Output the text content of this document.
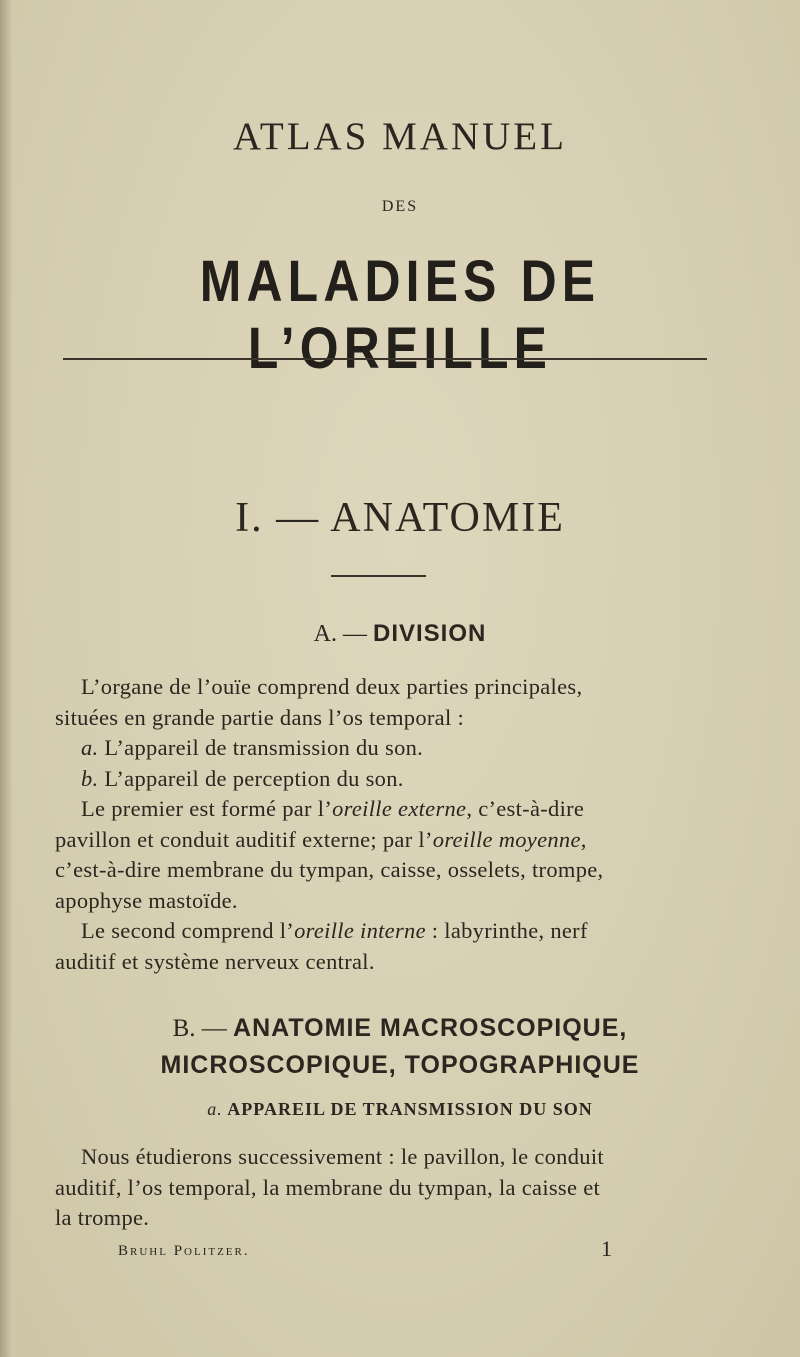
ATLAS MANUEL
DES
MALADIES DE L’OREILLE
I. — ANATOMIE
A. — DIVISION
L’organe de l’ouïe comprend deux parties principales,
situées en grande partie dans l’os temporal :
a. L’appareil de transmission du son.
b. L’appareil de perception du son.
Le premier est formé par l’oreille externe, c’est-à-dire
pavillon et conduit auditif externe; par l’oreille moyenne,
c’est-à-dire membrane du tympan, caisse, osselets, trompe,
apophyse mastoïde.
Le second comprend l’oreille interne : labyrinthe, nerf
auditif et système nerveux central.
B. — ANATOMIE MACROSCOPIQUE,
MICROSCOPIQUE, TOPOGRAPHIQUE
a. APPAREIL DE TRANSMISSION DU SON
Nous étudierons successivement : le pavillon, le conduit
auditif, l’os temporal, la membrane du tympan, la caisse et
la trompe.
Bruhl Politzer.	1
